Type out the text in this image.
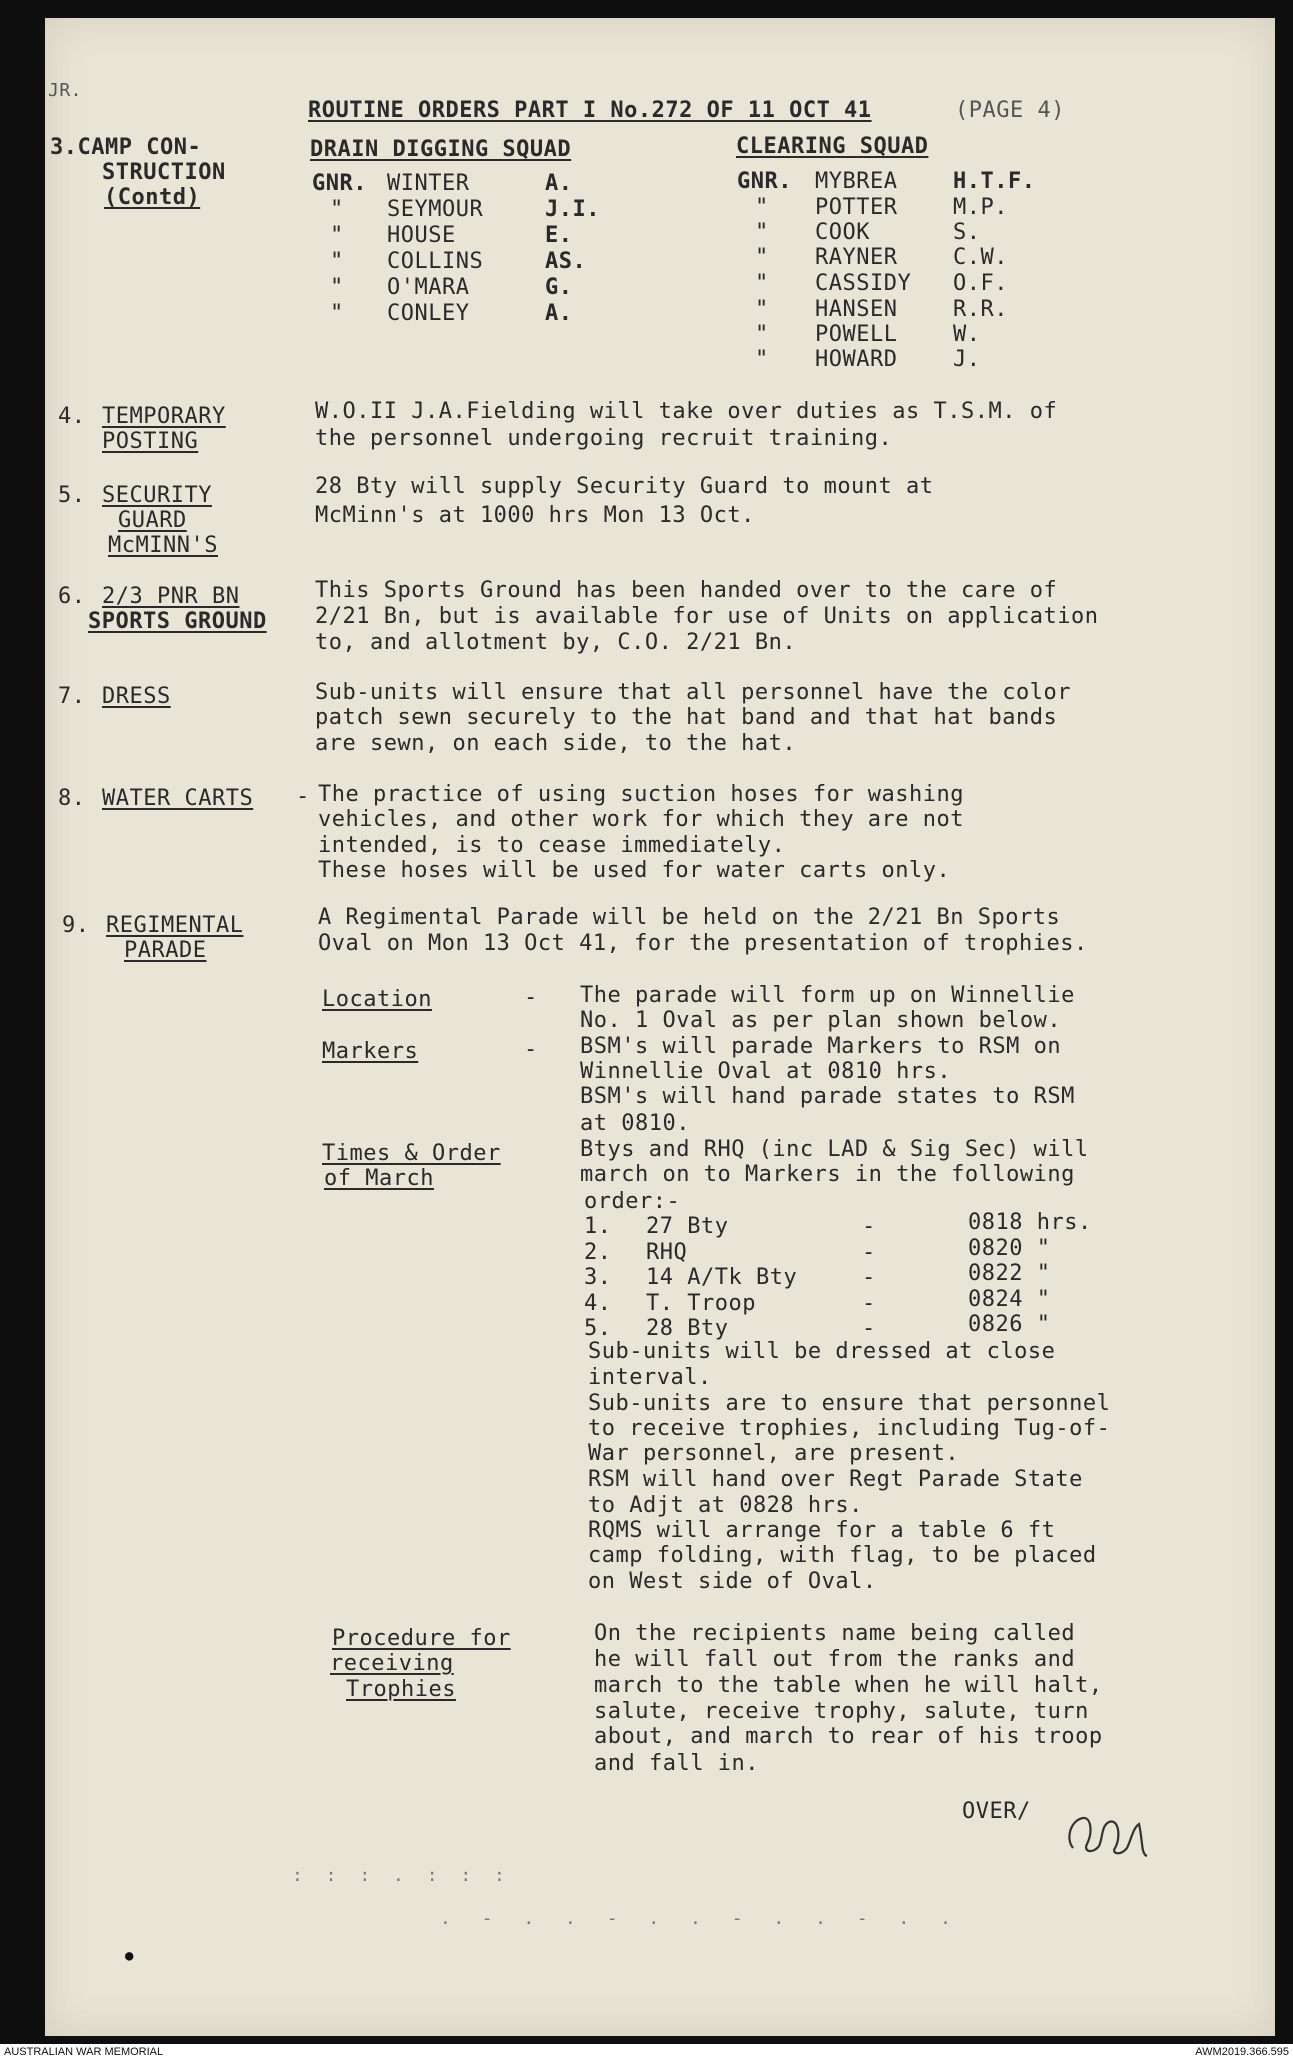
JR.
ROUTINE ORDERS PART I No.272 OF 11 OCT 41	(PAGE 4)
3.CAMP CON-
STRUCTION
(Contd)
DRAIN DIGGING SQUAD	CLEARING SQUAD
GNR. WINTER	A.
" SEYMOUR	J.I.
" HOUSE	E.
" COLLINS	AS.
" O'MARA	G.
" CONLEY	A.
GNR. MYBREA	H.T.F.
" POTTER	M.P.
" COOK	S.
" RAYNER	C.W.
" CASSIDY O.F.
" HANSEN	R.R.
" POWELL	W.
" HOWARD	J.
4. TEMPORARY
POSTING
W.O.II J.A.Fielding will take over duties as T.S.M. of
the personnel undergoing recruit training.
5. SECURITY
GUARD
McMINN'S
28 Bty will supply Security Guard to mount at
McMinn's at 1000 hrs Mon 13 Oct.
6. 2/3 PNR BN
SPORTS GROUND
This Sports Ground has been handed over to the care of
2/21 Bn, but is available for use of Units on application
to, and allotment by, C.O. 2/21 Bn.
7. DRESS	Sub-units will ensure that all personnel have the color
patch sewn securely to the hat band and that hat bands
are sewn, on each side, to the hat.
8. WATER CARTS - The practice of using suction hoses for washing
vehicles, and other work for which they are not
intended, is to cease immediately.
These hoses will be used for water carts only.
9. REGIMENTAL
PARADE
A Regimental Parade will be held on the 2/21 Bn Sports
Oval on Mon 13 Oct 41, for the presentation of trophies.
Location	- The parade will form up on Winnellie
No. 1 Oval as per plan shown below.
Markers	- BSM's will parade Markers to RSM on
Winnellie Oval at 0810 hrs.
BSM's will hand parade states to RSM
at 0810.
Times & Order
of March
Btys and RHQ (inc LAD & Sig Sec) will
march on to Markers in the following
order:-
1. 27 Bty	-	0818 hrs.
2. RHQ	-	0820 "
3. 14 A/Tk Bty	-	0822 "
4. T. Troop	-	0824 "
5. 28 Bty	-	0826 "
Sub-units will be dressed at close
interval.
Sub-units are to ensure that personnel
to receive trophies, including Tug-of-
War personnel, are present.
RSM will hand over Regt Parade State
to Adjt at 0828 hrs.
RQMS will arrange for a table 6 ft
camp folding, with flag, to be placed
on West side of Oval.
Procedure for
receiving
Trophies
On the recipients name being called
he will fall out from the ranks and
march to the table when he will halt,
salute, receive trophy, salute, turn
about, and march to rear of his troop
and fall in.
OVER/
: : : . : : :
. - . . - . . - . . - . .
●
AUSTRALIAN WAR MEMORIAL	AWM2019.366.595
